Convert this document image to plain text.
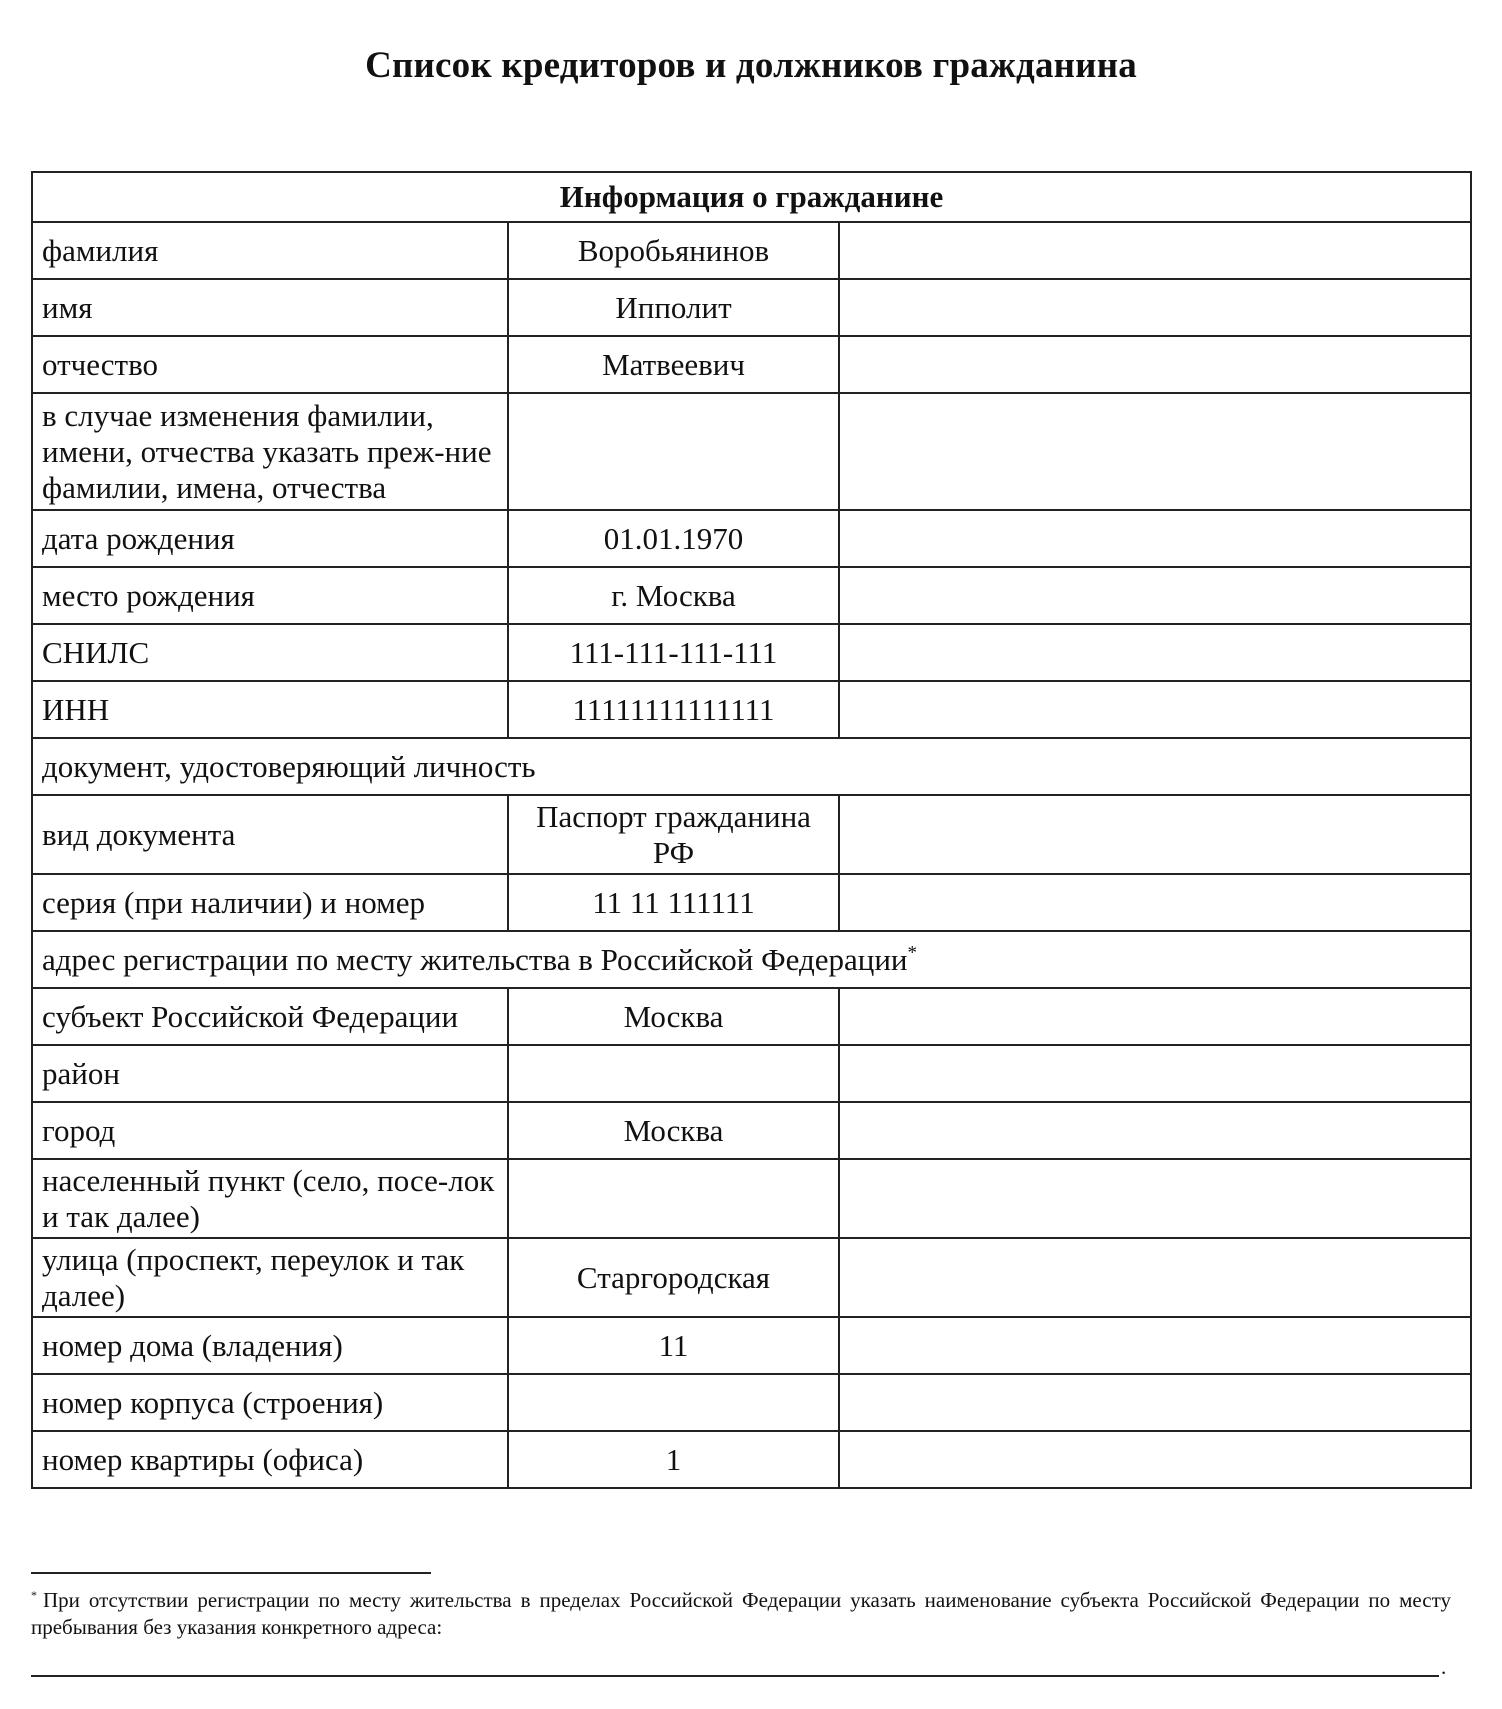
Список кредиторов и должников гражданина
Информация о гражданине		
фамилия	Воробьянинов	
имя	Ипполит	
отчество	Матвеевич	
в случае изменения фамилии, имени, отчества указать преж-ние фамилии, имена, отчества		
дата рождения	01.01.1970	
место рождения	г. Москва	
СНИЛС	111-111-111-111	
ИНН	11111111111111	
документ, удостоверяющий личность		
вид документа	Паспорт гражданина РФ	
серия (при наличии) и номер	11 11 111111	
адрес регистрации по месту жительства в Российской Федерации*
субъект Российской Федерации	Москва	
район		
город	Москва	
населенный пункт (село, посе-лок и так далее)		
улица (проспект, переулок и так далее)	Старгородская	
номер дома (владения)	11	
номер корпуса (строения)		
номер квартиры (офиса)	1	
* При отсутствии регистрации по месту жительства в пределах Российской Федерации указать наименование субъекта Российской Федерации по месту пребывания без указания конкретного адреса:
.
